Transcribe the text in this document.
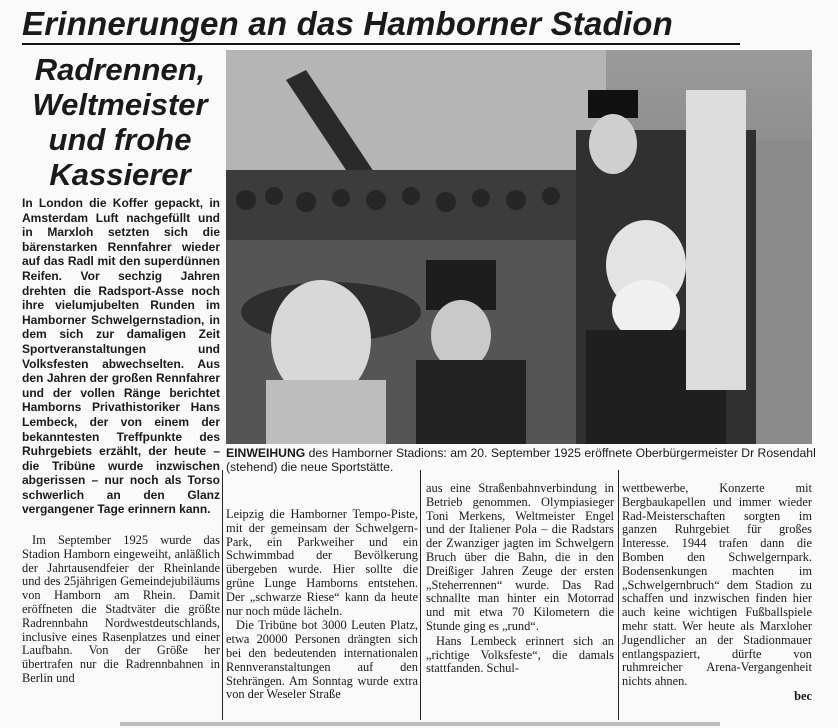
Erinnerungen an das Hamborner Stadion
Radrennen, Weltmeister und frohe Kassierer
In London die Koffer gepackt, in Amsterdam Luft nachgefüllt und in Marxloh setzten sich die bärenstarken Rennfahrer wieder auf das Radl mit den superdünnen Reifen. Vor sechzig Jahren drehten die Radsport-Asse noch ihre vielumjubelten Runden im Hamborner Schwelgernstadion, in dem sich zur damaligen Zeit Sportveranstaltungen und Volksfesten abwechselten. Aus den Jahren der großen Rennfahrer und der vollen Ränge berichtet Hamborns Privathistoriker Hans Lembeck, der von einem der bekanntesten Treffpunkte des Ruhrgebiets erzählt, der heute – die Tribüne wurde inzwischen abgerissen – nur noch als Torso schwerlich an den Glanz vergangener Tage erinnern kann.
EINWEIHUNG des Hamborner Stadions: am 20. September 1925 eröffnete Oberbürgermeister Dr Rosendahl (stehend) die neue Sportstätte.

Im September 1925 wurde das Stadion Hamborn eingeweiht, anläßlich der Jahrtausendfeier der Rheinlande und des 25jährigen Gemeindejubiläums von Hamborn am Rhein. Damit eröffneten die Stadtväter die größte Radrennbahn Nordwestdeutschlands, inclusive eines Rasenplatzes und einer Laufbahn. Von der Größe her übertrafen nur die Radrennbahnen in Berlin und

Leipzig die Hamborner Tempo-Piste, mit der gemeinsam der Schwelgern-Park, ein Parkweiher und ein Schwimmbad der Bevölkerung übergeben wurde. Hier sollte die grüne Lunge Hamborns entstehen. Der „schwarze Riese“ kann da heute nur noch müde lächeln.

Die Tribüne bot 3000 Leuten Platz, etwa 20000 Personen drängten sich bei den bedeutenden internationalen Rennveranstaltungen auf den Stehrängen. Am Sonntag wurde extra von der Weseler Straße

aus eine Straßenbahnverbindung in Betrieb genommen. Olympiasieger Toni Merkens, Weltmeister Engel und der Italiener Pola – die Radstars der Zwanziger jagten im Schwelgern Bruch über die Bahn, die in den Dreißiger Jahren Zeuge der ersten „Steherrennen“ wurde. Das Rad schnallte man hinter ein Motorrad und mit etwa 70 Kilometern die Stunde ging es „rund“.

Hans Lembeck erinnert sich an „richtige Volksfeste“, die damals stattfanden. Schul-

wettbewerbe, Konzerte mit Bergbaukapellen und immer wieder Rad-Meisterschaften sorgten im ganzen Ruhrgebiet für großes Interesse. 1944 trafen dann die Bomben den Schwelgernpark. Bodensenkungen machten im „Schwelgernbruch“ dem Stadion zu schaffen und inzwischen finden hier auch keine wichtigen Fußballspiele mehr statt. Wer heute als Marxloher Jugendlicher an der Stadionmauer entlangspaziert, dürfte von ruhmreicher Arena-Vergangenheit nichts ahnen.

bec
